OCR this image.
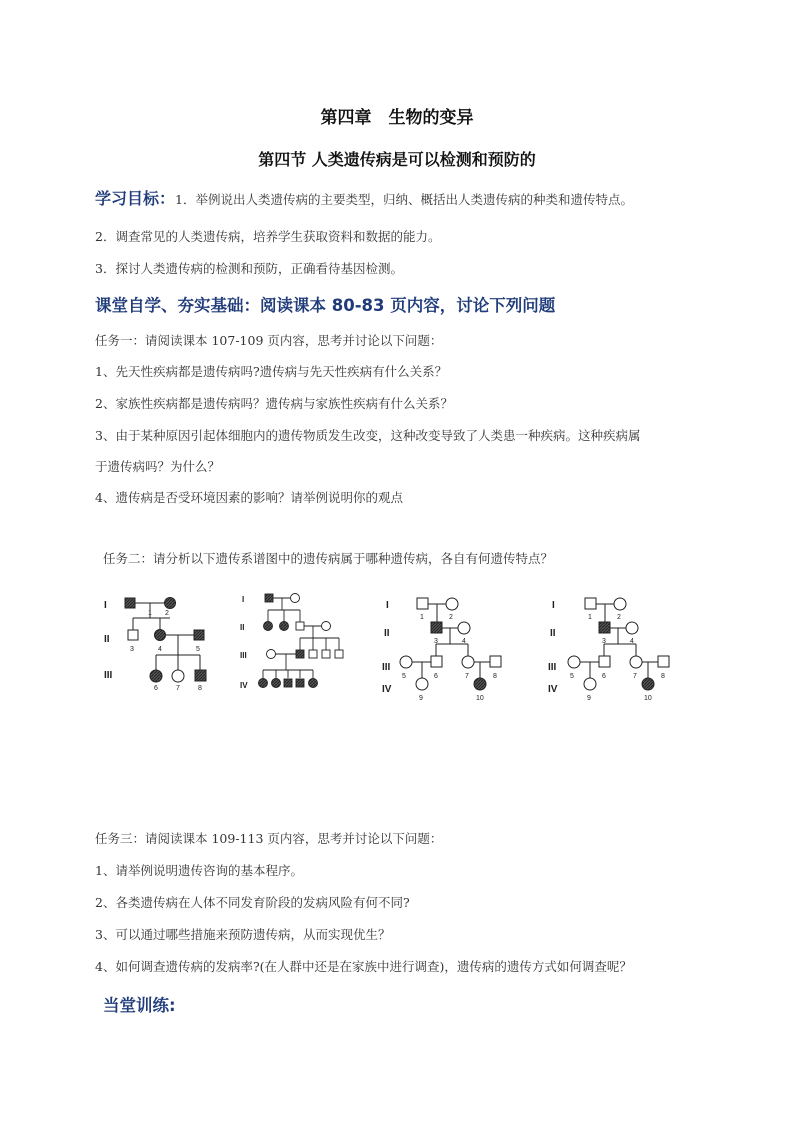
第四章　生物的变异
第四节 人类遗传病是可以检测和预防的
学习目标：1．举例说出人类遗传病的主要类型，归纳、概括出人类遗传病的种类和遗传特点。
2．调查常见的人类遗传病，培养学生获取资料和数据的能力。
3．探讨人类遗传病的检测和预防，正确看待基因检测。
课堂自学、夯实基础：阅读课本 80-83 页内容，讨论下列问题
任务一：请阅读课本 107-109 页内容，思考并讨论以下问题：
1、先天性疾病都是遗传病吗?遗传病与先天性疾病有什么关系？
2、家族性疾病都是遗传病吗？遗传病与家族性疾病有什么关系？
3、由于某种原因引起体细胞内的遗传物质发生改变，这种改变导致了人类患一种疾病。这种疾病属
于遗传病吗？为什么？
4、遗传病是否受环境因素的影响？请举例说明你的观点
任务二：请分析以下遗传系谱图中的遗传病属于哪种遗传病，各自有何遗传特点？
I
II
III
1 2
3	4	5
6	7	8
I
II
III
IV
I
II
III
IV
1	2
3	4
5	6	7	8
9	10
I
II
III
IV
1	2
3	4
5	6	7	8
9	10
任务三：请阅读课本 109-113 页内容，思考并讨论以下问题：
1、请举例说明遗传咨询的基本程序。
2、各类遗传病在人体不同发育阶段的发病风险有何不同?
3、可以通过哪些措施来预防遗传病，从而实现优生？
4、如何调查遗传病的发病率?(在人群中还是在家族中进行调查)，遗传病的遗传方式如何调查呢？
当堂训练:
